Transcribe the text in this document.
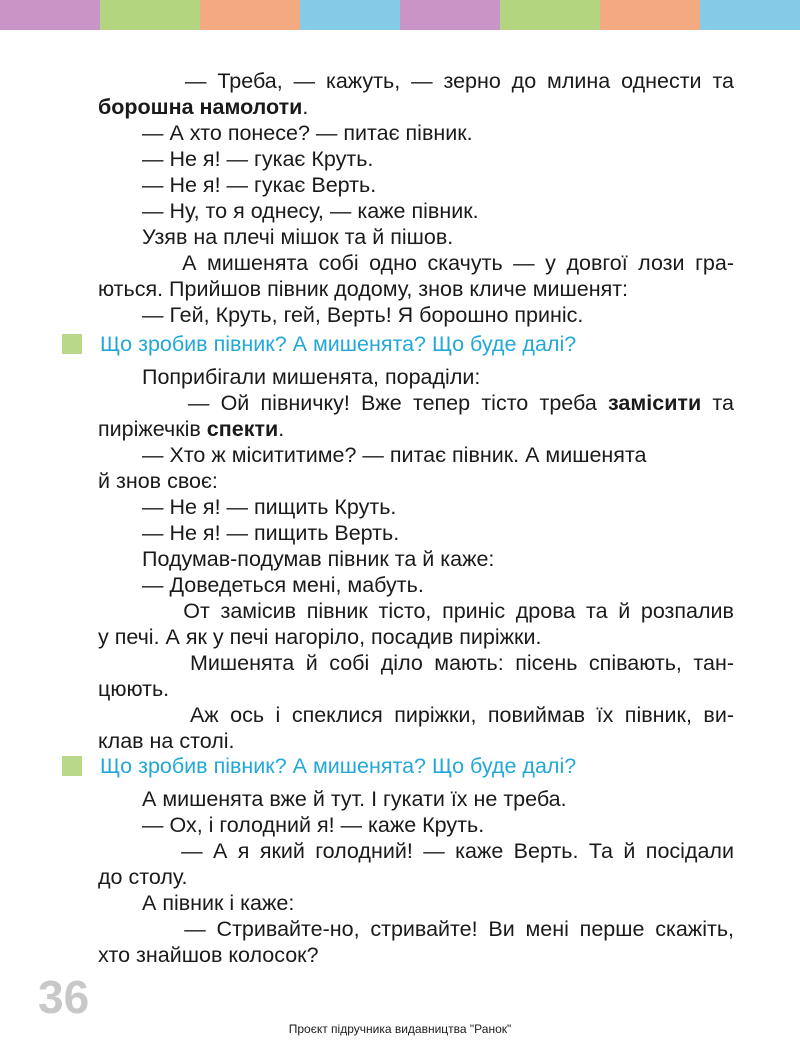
— Треба, — кажуть, — зерно до млина однести та
борошна намолоти.
— А хто понесе? — питає півник.
— Не я! — гукає Круть.
— Не я! — гукає Верть.
— Ну, то я однесу, — каже півник.
Узяв на плечі мішок та й пішов.
А мишенята собі одно скачуть — у довгої лози гра-
ються. Прийшов півник додому, знов кличе мишенят:
— Гей, Круть, гей, Верть! Я борошно приніс.
Що зробив півник? А мишенята? Що буде далі?
Поприбігали мишенята, порадiли:
— Ой півничку! Вже тепер тісто треба замісити та
пиріжечків спекти.
— Хто ж місититиме? — питає півник. А мишенята
й знов своє:
— Не я! — пищить Круть.
— Не я! — пищить Верть.
Подумав-подумав півник та й каже:
— Доведеться мені, мабуть.
От замісив півник тісто, приніс дрова та й розпалив
у печі. А як у печі нагоріло, посадив пиріжки.
Мишенята й собі діло мають: пісень співають, тан-
цюють.
Аж ось і спеклися пиріжки, повиймав їх півник, ви-
клав на столі.
Що зробив півник? А мишенята? Що буде далі?
А мишенята вже й тут. І гукати їх не треба.
— Ох, і голодний я! — каже Круть.
— А я який голодний! — каже Верть. Та й посідали
до столу.
А півник і каже:
— Стривайте-но, стривайте! Ви мені перше скажіть,
хто знайшов колосок?
36
Проєкт підручника видавництва "Ранок"
